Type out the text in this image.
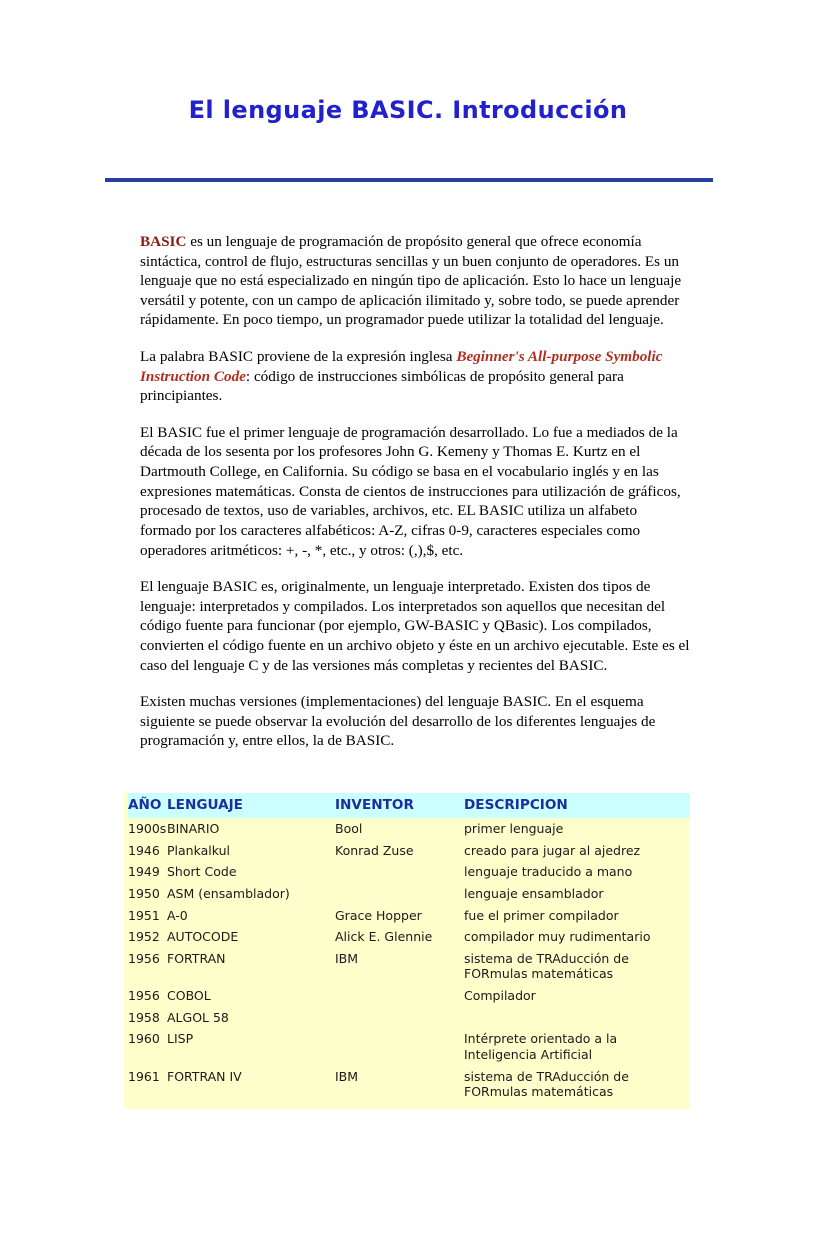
El lenguaje BASIC. Introducción

BASIC es un lenguaje de programación de propósito general que ofrece economía sintáctica, control de flujo, estructuras sencillas y un buen conjunto de operadores. Es un lenguaje que no está especializado en ningún tipo de aplicación. Esto lo hace un lenguaje versátil y potente, con un campo de aplicación ilimitado y, sobre todo, se puede aprender rápidamente. En poco tiempo, un programador puede utilizar la totalidad del lenguaje.

La palabra BASIC proviene de la expresión inglesa Beginner's All-purpose Symbolic Instruction Code: código de instrucciones simbólicas de propósito general para principiantes.

El BASIC fue el primer lenguaje de programación desarrollado. Lo fue a mediados de la década de los sesenta por los profesores John G. Kemeny y Thomas E. Kurtz en el Dartmouth College, en California. Su código se basa en el vocabulario inglés y en las expresiones matemáticas. Consta de cientos de instrucciones para utilización de gráficos, procesado de textos, uso de variables, archivos, etc. EL BASIC utiliza un alfabeto formado por los caracteres alfabéticos: A-Z, cifras 0-9, caracteres especiales como operadores aritméticos: +, -, *, etc., y otros: (,),$, etc.

El lenguaje BASIC es, originalmente, un lenguaje interpretado. Existen dos tipos de lenguaje: interpretados y compilados. Los interpretados son aquellos que necesitan del código fuente para funcionar (por ejemplo, GW-BASIC y QBasic). Los compilados, convierten el código fuente en un archivo objeto y éste en un archivo ejecutable. Este es el caso del lenguaje C y de las versiones más completas y recientes del BASIC.

Existen muchas versiones (implementaciones) del lenguaje BASIC. En el esquema siguiente se puede observar la evolución del desarrollo de los diferentes lenguajes de programación y, entre ellos, la de BASIC.

	AÑO	LENGUAJE	INVENTOR	DESCRIPCION
	1900s	BINARIO	Bool	primer lenguaje
	1946	Plankalkul	Konrad Zuse	creado para jugar al ajedrez
	1949	Short Code		lenguaje traducido a mano
	1950	ASM (ensamblador)		lenguaje ensamblador
	1951	A-0	Grace Hopper	fue el primer compilador
	1952	AUTOCODE	Alick E. Glennie	compilador muy rudimentario
	1956	FORTRAN	IBM	sistema de TRAducción de FORmulas matemáticas
	1956	COBOL		Compilador
	1958	ALGOL 58		
	1960	LISP		Intérprete orientado a la Inteligencia Artificial
	1961	FORTRAN IV	IBM	sistema de TRAducción de FORmulas matemáticas
